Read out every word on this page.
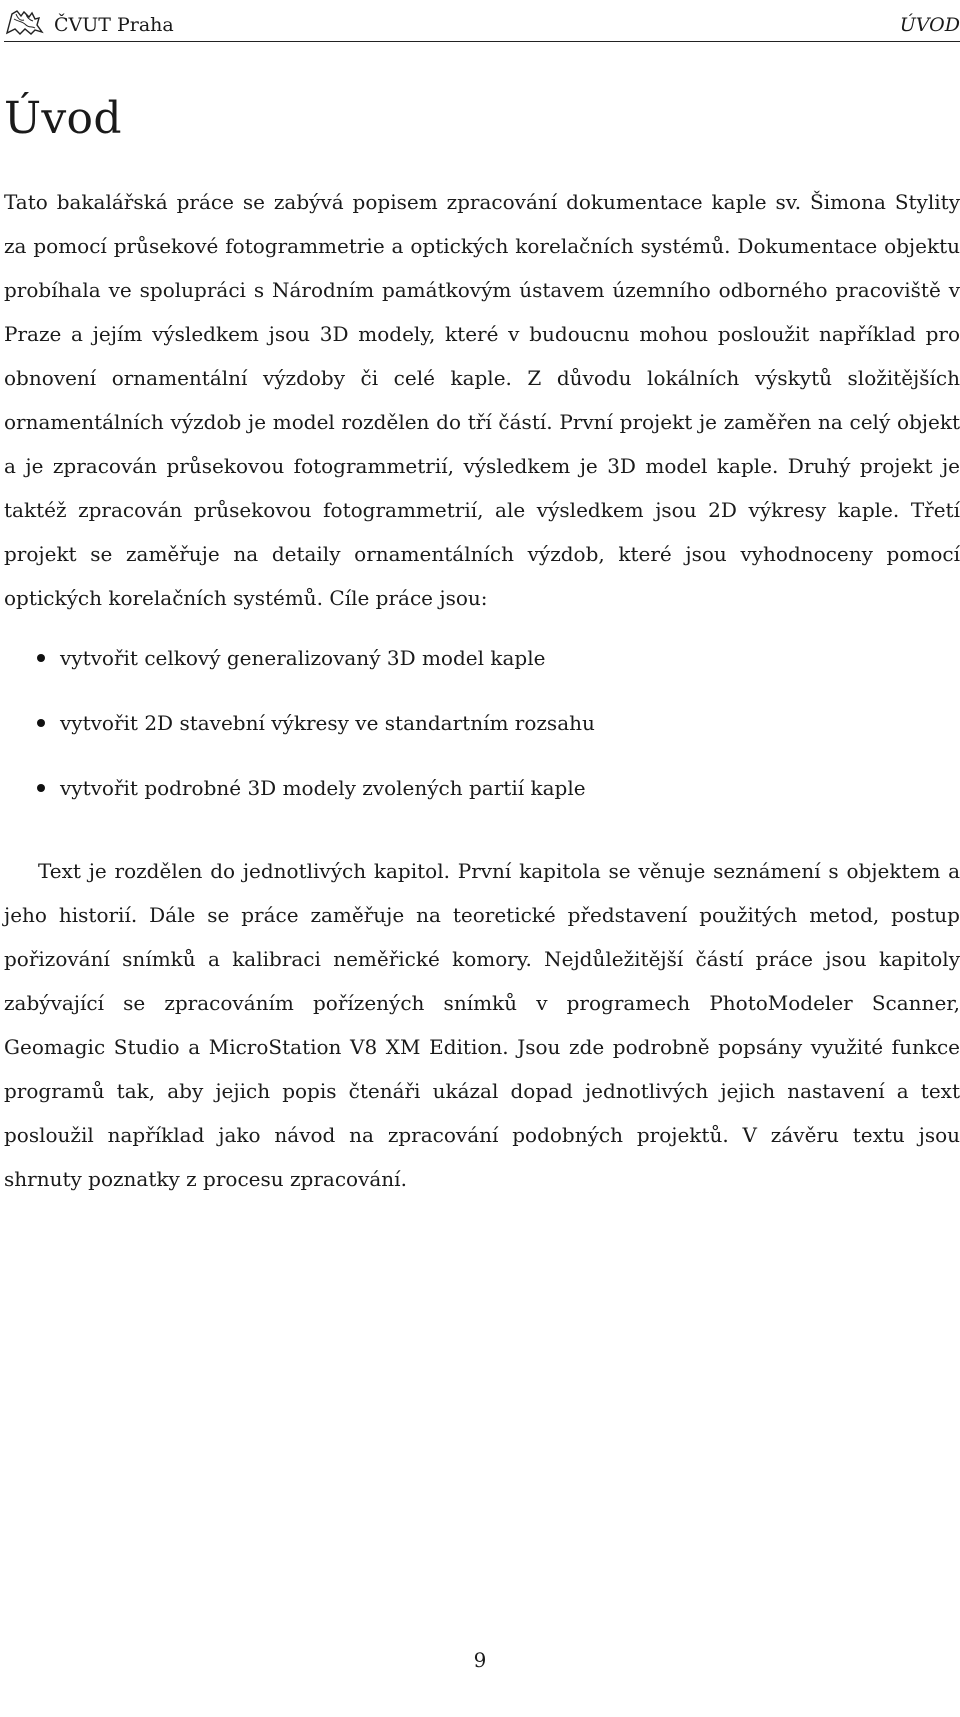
ČVUT Praha	ÚVOD
Úvod

Tato bakalářská práce se zabývá popisem zpracování dokumentace kaple sv. Šimona Stylity za pomocí průsekové fotogrammetrie a optických korelačních systémů. Dokumentace objektu probíhala ve spolupráci s Národním památkovým ústavem územního odborného pracoviště v Praze a jejím výsledkem jsou 3D modely, které v budoucnu mohou posloužit například pro obnovení ornamentální výzdoby či celé kaple. Z důvodu lokálních výskytů složitějších ornamentálních výzdob je model rozdělen do tří částí. První projekt je zaměřen na celý objekt a je zpracován průsekovou fotogrammetrií, výsledkem je 3D model kaple. Druhý projekt je taktéž zpracován průsekovou fotogrammetrií, ale výsledkem jsou 2D výkresy kaple. Třetí projekt se zaměřuje na detaily ornamentálních výzdob, které jsou vyhodnoceny pomocí optických korelačních systémů. Cíle práce jsou:

vytvořit celkový generalizovaný 3D model kaple
vytvořit 2D stavební výkresy ve standartním rozsahu
vytvořit podrobné 3D modely zvolených partií kaple

Text je rozdělen do jednotlivých kapitol. První kapitola se věnuje seznámení s objektem a jeho historií. Dále se práce zaměřuje na teoretické představení použitých metod, postup pořizování snímků a kalibraci neměřické komory. Nejdůležitější částí práce jsou kapitoly zabývající se zpracováním pořízených snímků v programech PhotoModeler Scanner, Geomagic Studio a MicroStation V8 XM Edition. Jsou zde podrobně popsány využité funkce programů tak, aby jejich popis čtenáři ukázal dopad jednotlivých jejich nastavení a text posloužil například jako návod na zpracování podobných projektů. V závěru textu jsou shrnuty poznatky z procesu zpracování.

9
